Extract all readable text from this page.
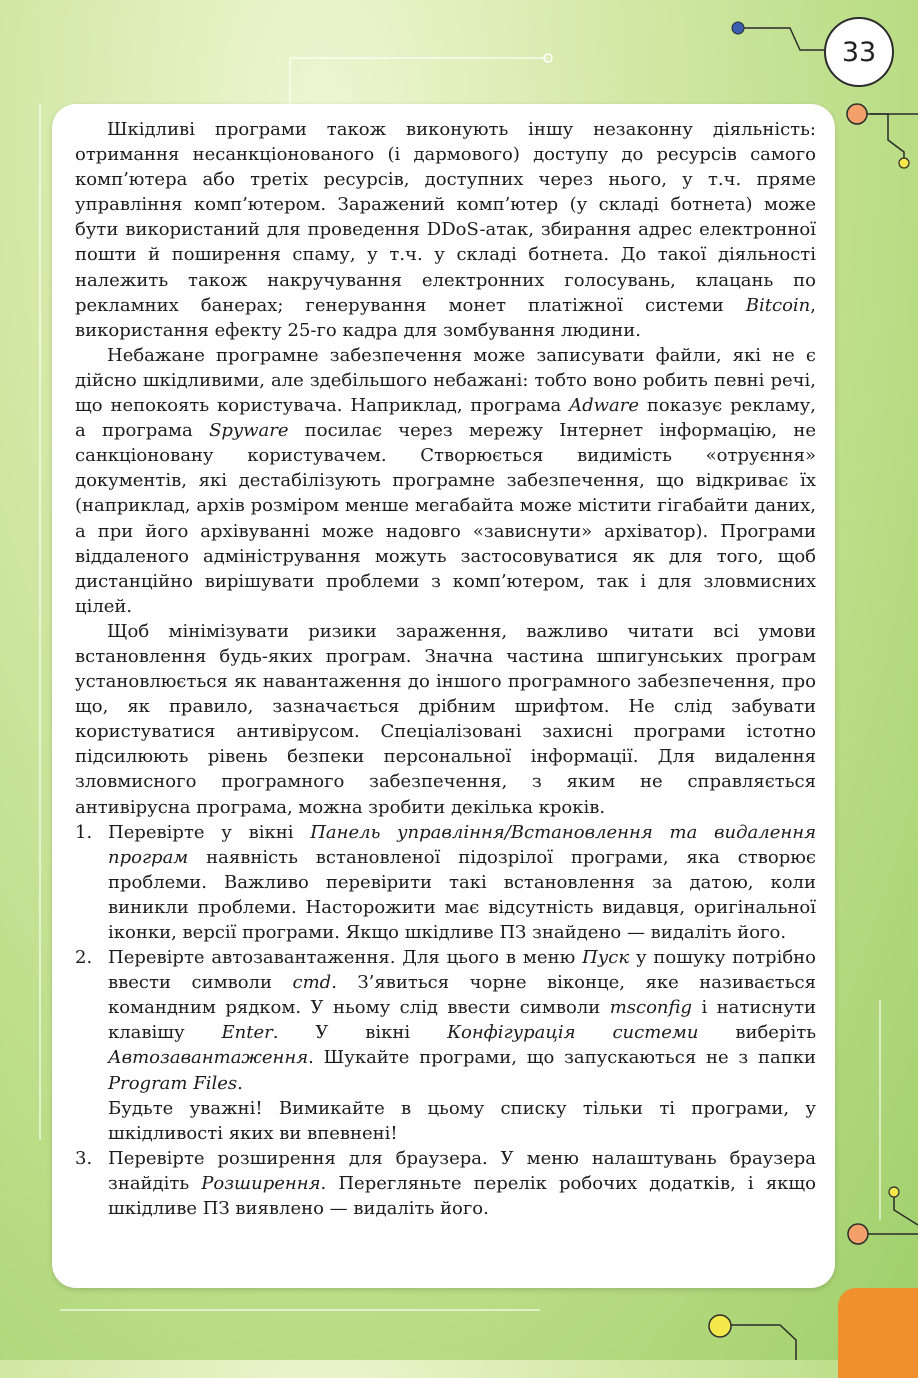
33

Шкідливі програми також виконують іншу незаконну діяльність: отримання несанкціонованого (і дармового) доступу до ресурсів самого комп’ютера або третіх ресурсів, доступних через нього, у т.ч. пряме управління комп’ютером. Заражений комп’ютер (у складі ботнета) може бути використаний для проведення DDoS-атак, збирання адрес електронної пошти й поширення спаму, у т.ч. у складі ботнета. До такої діяльності належить також накручування електронних голосувань, клацань по рекламних банерах; генерування монет платіжної системи Bitcoin, використання ефекту 25-го кадра для зомбування людини.

Небажане програмне забезпечення може записувати файли, які не є дійсно шкідливими, але здебільшого небажані: тобто воно робить певні речі, що непокоять користувача. Наприклад, програма Adware показує рекламу, а програма Spyware посилає через мережу Інтернет інформацію, не санкціоновану користувачем. Створюється видимість «отруєння» документів, які дестабілізують програмне забезпечення, що відкриває їх (наприклад, архів розміром менше мегабайта може містити гігабайти даних, а при його архівуванні може надовго «зависнути» архіватор). Програми віддаленого адміністрування можуть застосовуватися як для того, щоб дистанційно вирішувати проблеми з комп’ютером, так і для зловмисних цілей.

Щоб мінімізувати ризики зараження, важливо читати всі умови встановлення будь-яких програм. Значна частина шпигунських програм установлюється як навантаження до іншого програмного забезпечення, про що, як правило, зазначається дрібним шрифтом. Не слід забувати користуватися антивірусом. Спеціалізовані захисні програми істотно підсилюють рівень безпеки персональної інформації. Для видалення зловмисного програмного забезпечення, з яким не справляється антивірусна програма, можна зробити декілька кроків.

1. Перевірте у вікні Панель управління/Встановлення та видалення програм наявність встановленої підозрілої програми, яка створює проблеми. Важливо перевірити такі встановлення за датою, коли виникли проблеми. Насторожити має відсутність видавця, оригінальної іконки, версії програми. Якщо шкідливе ПЗ знайдено — видаліть його.
2. Перевірте автозавантаження. Для цього в меню Пуск у пошуку потрібно ввести символи cmd. З’явиться чорне віконце, яке називається командним рядком. У ньому слід ввести символи msconfig і натиснути клавішу Enter. У вікні Конфігурація системи виберіть Автозавантаження. Шукайте програми, що запускаються не з папки Program Files.

Будьте уважні! Вимикайте в цьому списку тільки ті програми, у шкідливості яких ви впевнені!

3. Перевірте розширення для браузера. У меню налаштувань браузера знайдіть Розширення. Перегляньте перелік робочих додатків, і якщо шкідливе ПЗ виявлено — видаліть його.
